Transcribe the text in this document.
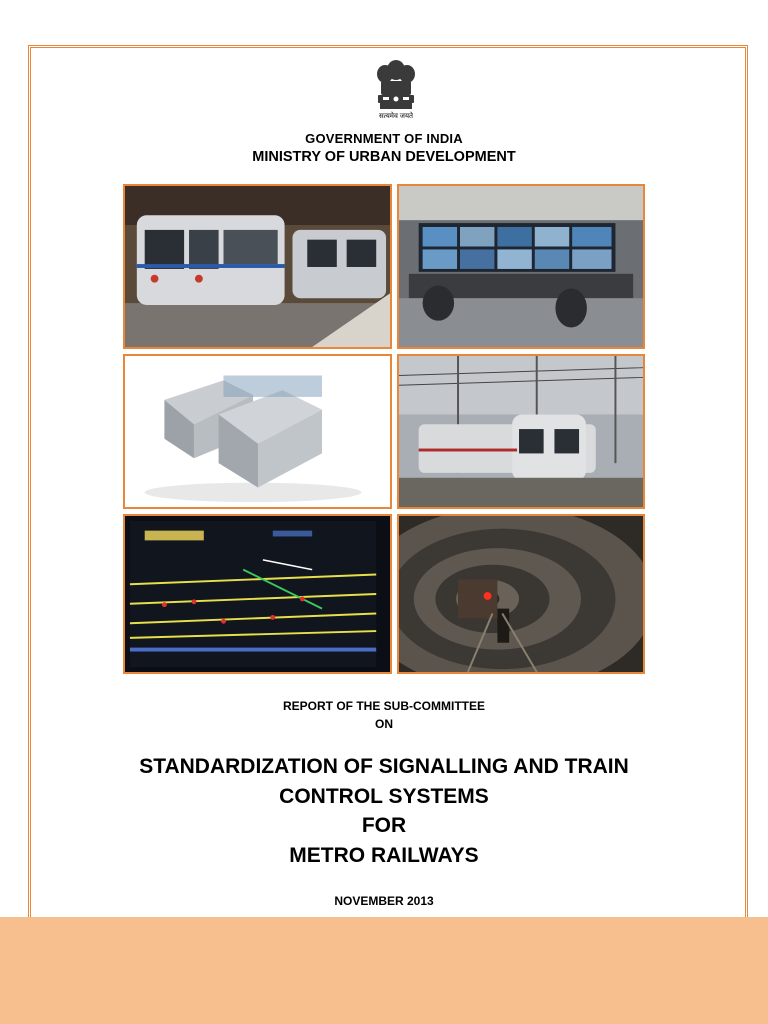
सत्यमेव जयते
GOVERNMENT OF INDIA
MINISTRY OF URBAN DEVELOPMENT
REPORT OF THE SUB-COMMITTEE
ON
STANDARDIZATION OF SIGNALLING AND TRAIN
CONTROL SYSTEMS
FOR
METRO RAILWAYS
NOVEMBER 2013
